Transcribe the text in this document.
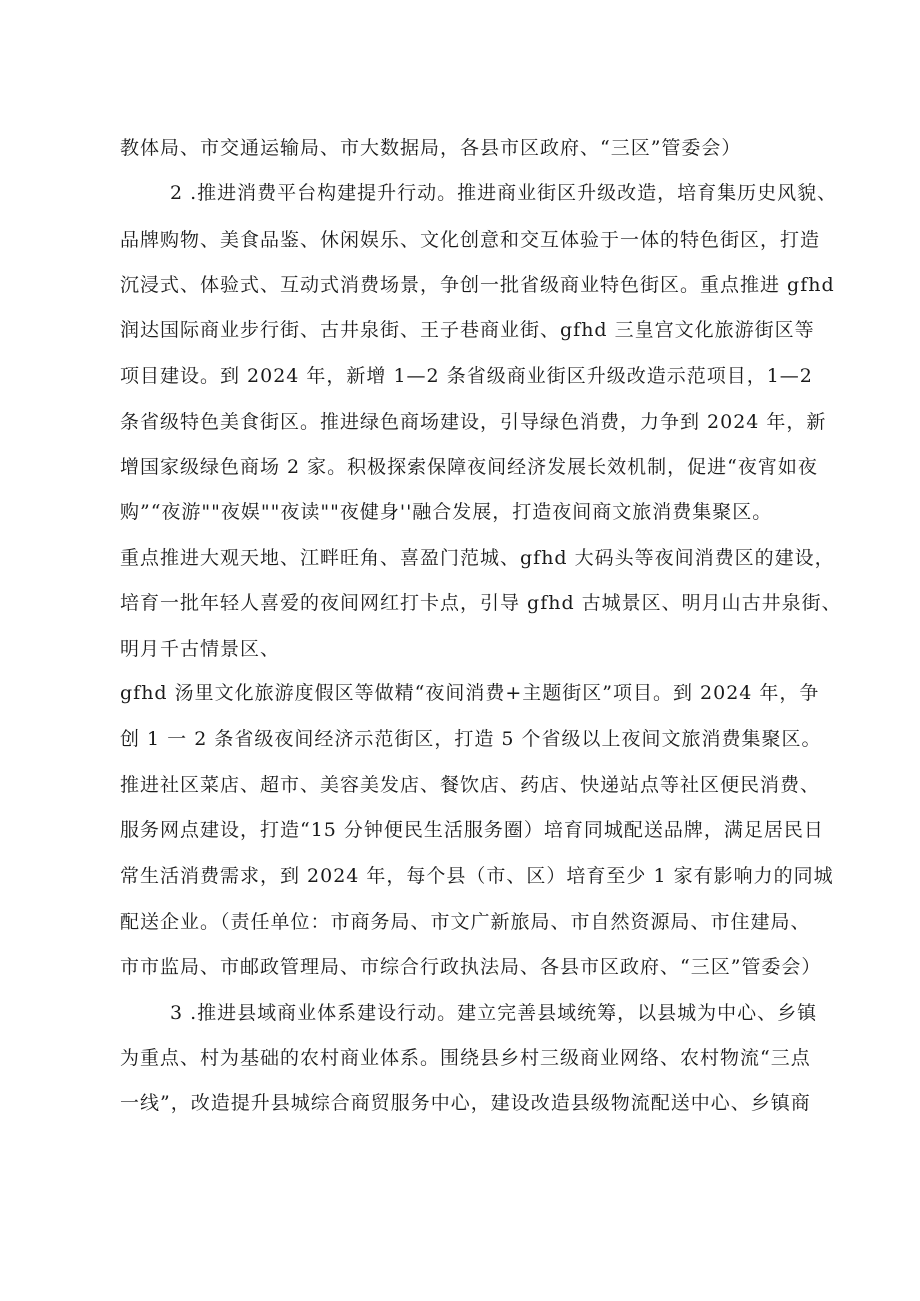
教体局、市交通运输局、市大数据局，各县市区政府、“三区”管委会）
2 .推进消费平台构建提升行动。推进商业街区升级改造，培育集历史风貌、
品牌购物、美食品鉴、休闲娱乐、文化创意和交互体验于一体的特色街区，打造
沉浸式、体验式、互动式消费场景，争创一批省级商业特色街区。重点推进 gfhd
润达国际商业步行街、古井泉街、王子巷商业街、gfhd 三皇宫文化旅游街区等
项目建设。到 2024 年，新增 1—2 条省级商业街区升级改造示范项目，1—2
条省级特色美食街区。推进绿色商场建设，引导绿色消费，力争到 2024 年，新
增国家级绿色商场 2 家。积极探索保障夜间经济发展长效机制，促进“夜宵如夜
购”“夜游""夜娱""夜读""夜健身''融合发展，打造夜间商文旅消费集聚区。
重点推进大观天地、江畔旺角、喜盈门范城、gfhd 大码头等夜间消费区的建设，
培育一批年轻人喜爱的夜间网红打卡点，引导 gfhd 古城景区、明月山古井泉街、
明月千古情景区、
gfhd 汤里文化旅游度假区等做精“夜间消费+主题街区”项目。到 2024 年，争
创 1 一 2 条省级夜间经济示范街区，打造 5 个省级以上夜间文旅消费集聚区。
推进社区菜店、超市、美容美发店、餐饮店、药店、快递站点等社区便民消费、
服务网点建设，打造“15 分钟便民生活服务圈）培育同城配送品牌，满足居民日
常生活消费需求，到 2024 年，每个县（市、区）培育至少 1 家有影响力的同城
配送企业。（责任单位：市商务局、市文广新旅局、市自然资源局、市住建局、
市市监局、市邮政管理局、市综合行政执法局、各县市区政府、“三区”管委会）
3 .推进县域商业体系建设行动。建立完善县域统筹，以县城为中心、乡镇
为重点、村为基础的农村商业体系。围绕县乡村三级商业网络、农村物流“三点
一线”，改造提升县城综合商贸服务中心，建设改造县级物流配送中心、乡镇商
